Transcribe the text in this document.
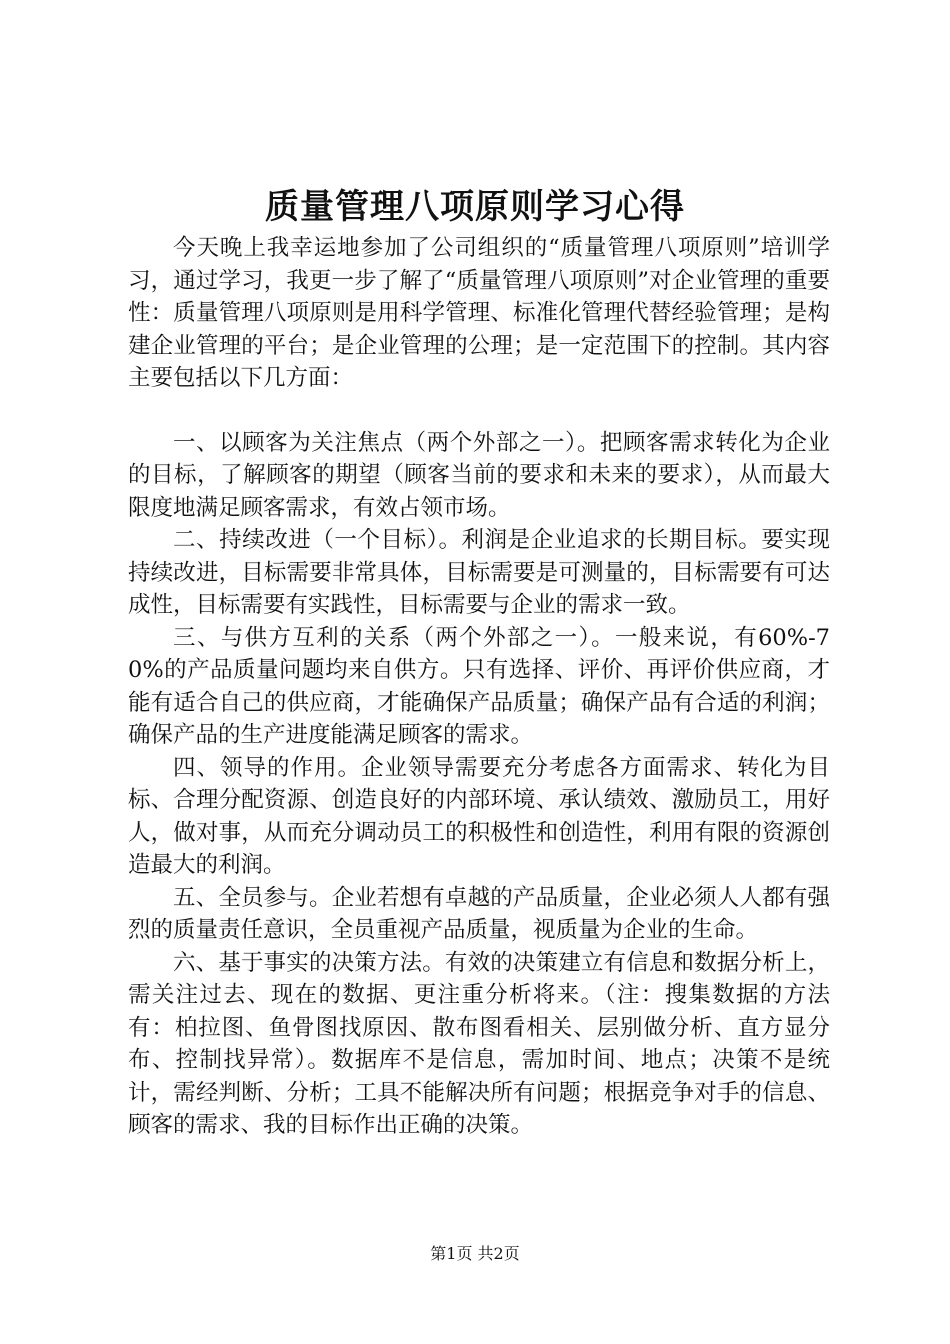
质量管理八项原则学习心得

今天晚上我幸运地参加了公司组织的“质量管理八项原则”培训学习，通过学习，我更一步了解了“质量管理八项原则”对企业管理的重要性：质量管理八项原则是用科学管理、标准化管理代替经验管理；是构建企业管理的平台；是企业管理的公理；是一定范围下的控制。其内容主要包括以下几方面：

一、以顾客为关注焦点（两个外部之一）。把顾客需求转化为企业的目标，了解顾客的期望（顾客当前的要求和未来的要求），从而最大限度地满足顾客需求，有效占领市场。

二、持续改进（一个目标）。利润是企业追求的长期目标。要实现持续改进，目标需要非常具体，目标需要是可测量的，目标需要有可达成性，目标需要有实践性，目标需要与企业的需求一致。

三、与供方互利的关系（两个外部之一）。一般来说，有60%-70%的产品质量问题均来自供方。只有选择、评价、再评价供应商，才能有适合自己的供应商，才能确保产品质量；确保产品有合适的利润；确保产品的生产进度能满足顾客的需求。

四、领导的作用。企业领导需要充分考虑各方面需求、转化为目标、合理分配资源、创造良好的内部环境、承认绩效、激励员工，用好人，做对事，从而充分调动员工的积极性和创造性，利用有限的资源创造最大的利润。

五、全员参与。企业若想有卓越的产品质量，企业必须人人都有强烈的质量责任意识，全员重视产品质量，视质量为企业的生命。

六、基于事实的决策方法。有效的决策建立有信息和数据分析上，需关注过去、现在的数据、更注重分析将来。（注：搜集数据的方法有：柏拉图、鱼骨图找原因、散布图看相关、层别做分析、直方显分布、控制找异常）。数据库不是信息，需加时间、地点；决策不是统计，需经判断、分析；工具不能解决所有问题；根据竞争对手的信息、顾客的需求、我的目标作出正确的决策。

第1页 共2页
